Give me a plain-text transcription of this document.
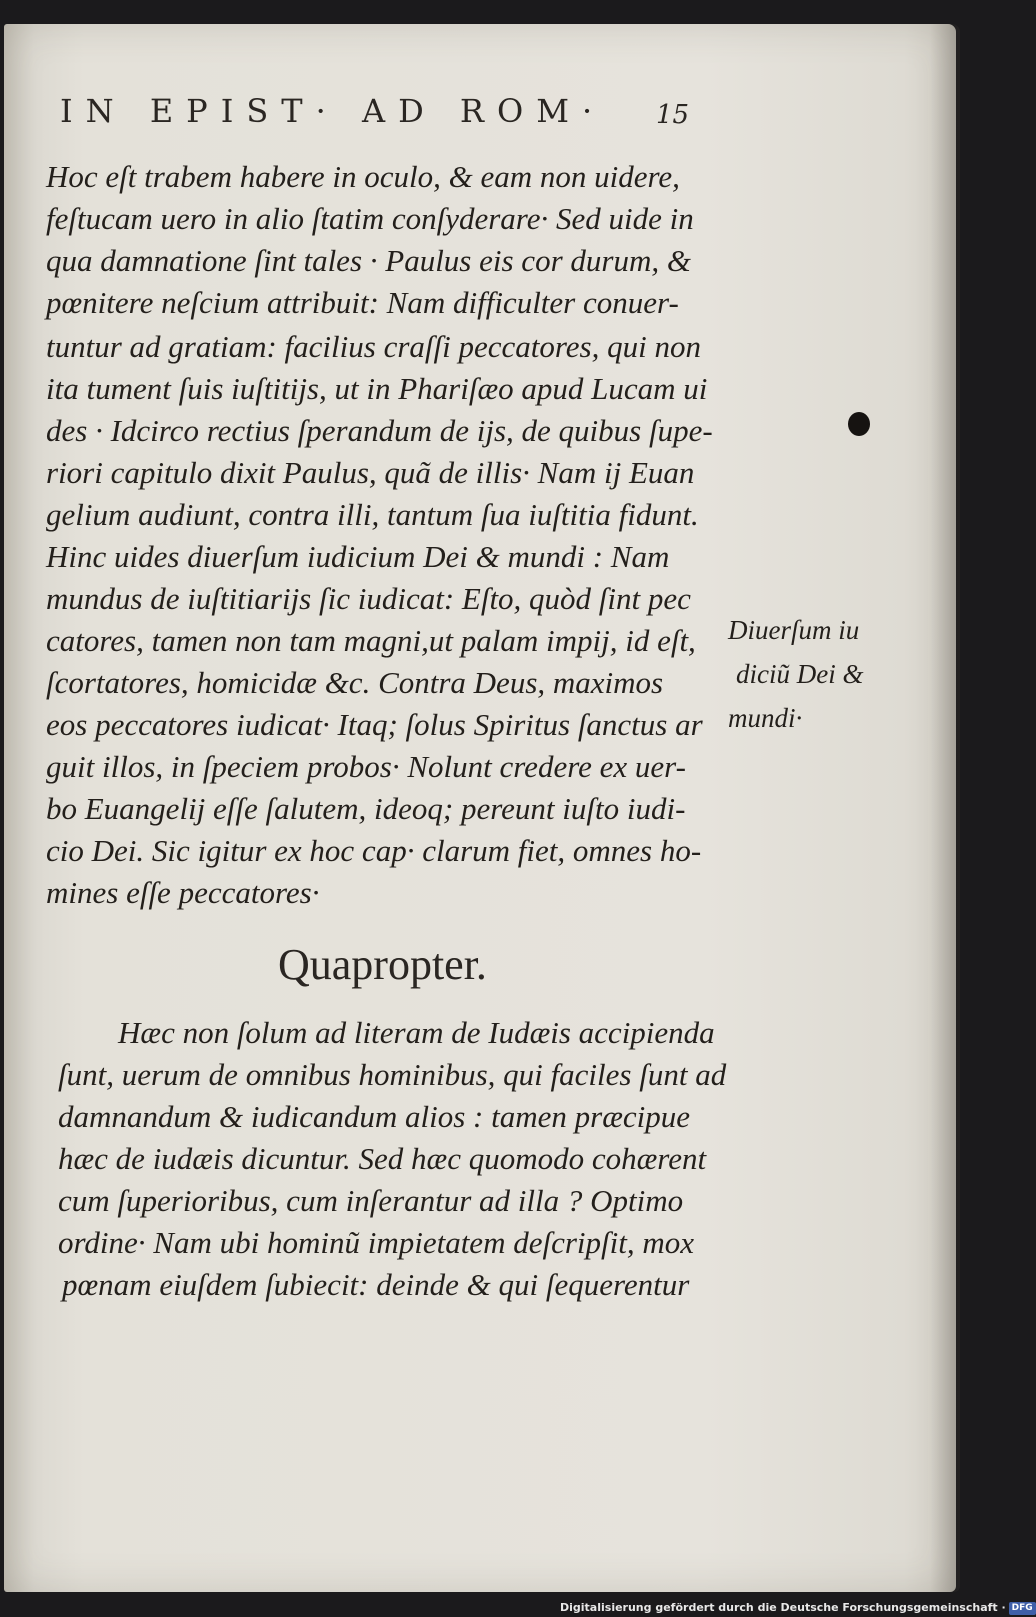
IN EPIST· AD ROM·	15
Hoc eſt trabem habere in oculo, & eam non uidere,
feſtucam uero in alio ſtatim conſyderare· Sed uide in
qua damnatione ſint tales · Paulus eis cor durum, &
pœnitere neſcium attribuit: Nam difficulter conuer-
tuntur ad gratiam: facilius craſſi peccatores, qui non
ita tument ſuis iuſtitijs, ut in Phariſæo apud Lucam ui
des · Idcirco rectius ſperandum de ijs, de quibus ſupe-
riori capitulo dixit Paulus, quã de illis· Nam ij Euan
gelium audiunt, contra illi, tantum ſua iuſtitia fidunt.
Hinc uides diuerſum iudicium Dei & mundi : Nam
mundus de iuſtitiarijs ſic iudicat: Eſto, quòd ſint pec
catores, tamen non tam magni,ut palam impij, id eſt,
ſcortatores, homicidæ &c. Contra Deus, maximos
eos peccatores iudicat· Itaq; ſolus Spiritus ſanctus ar
guit illos, in ſpeciem probos· Nolunt credere ex uer-
bo Euangelij eſſe ſalutem, ideoq; pereunt iuſto iudi-
cio Dei. Sic igitur ex hoc cap· clarum fiet, omnes ho-
mines eſſe peccatores·
Quapropter.
Hæc non ſolum ad literam de Iudæis accipienda
ſunt, uerum de omnibus hominibus, qui faciles ſunt ad
damnandum & iudicandum alios : tamen præcipue
hæc de iudæis dicuntur. Sed hæc quomodo cohærent
cum ſuperioribus, cum inſerantur ad illa ? Optimo
ordine· Nam ubi hominũ impietatem deſcripſit, mox
pœnam eiuſdem ſubiecit: deinde & qui ſequerentur
Diuerſum iu
diciũ Dei &
mundi·
Digitalisierung gefördert durch die Deutsche Forschungsgemeinschaft · DFG
